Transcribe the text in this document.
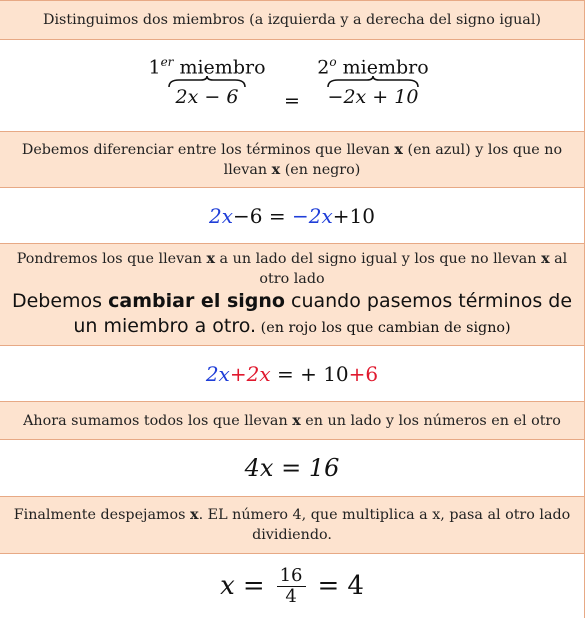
Distinguimos dos miembros (a izquierda y a derecha del signo igual)
1er miembro
2x − 6	=
$2^o$ miembro
−2x + 10
Debemos diferenciar entre los términos que llevan x (en azul) y los que no llevan x (en negro)
2x−6 = −2x+10
Pondremos los que llevan x a un lado del signo igual y los que no llevan x al otro lado
Debemos cambiar el signo cuando pasemos términos de un miembro a otro. (en rojo los que cambian de signo)
2x+2x = + 10+6
Ahora sumamos todos los que llevan x en un lado y los números en el otro
4x = 16
Finalmente despejamos x. EL número 4, que multiplica a x, pasa al otro lado dividiendo.
$x = \frac{16}{4} = 4$
